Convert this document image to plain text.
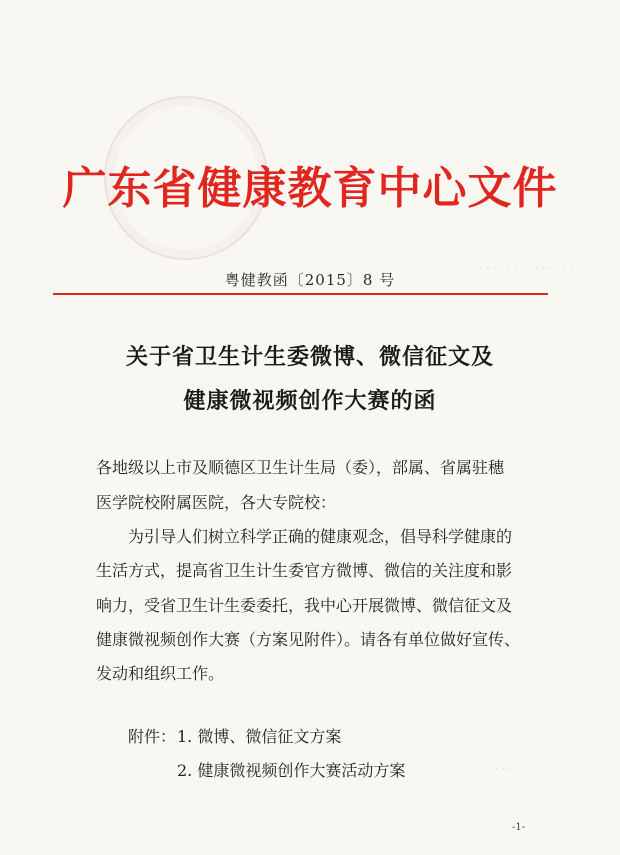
· · · · · · · · · · · · · · · ·
· · · · · · · · ·
广东省健康教育中心文件
粤健教函〔2015〕8 号
关于省卫生计生委微博、微信征文及
健康微视频创作大赛的函
各地级以上市及顺德区卫生计生局（委），部属、省属驻穗
医学院校附属医院，各大专院校：
为引导人们树立科学正确的健康观念，倡导科学健康的
生活方式，提高省卫生计生委官方微博、微信的关注度和影
响力，受省卫生计生委委托，我中心开展微博、微信征文及
健康微视频创作大赛（方案见附件）。请各有单位做好宣传、
发动和组织工作。
附件： 1. 微博、微信征文方案
2. 健康微视频创作大赛活动方案
-1-
